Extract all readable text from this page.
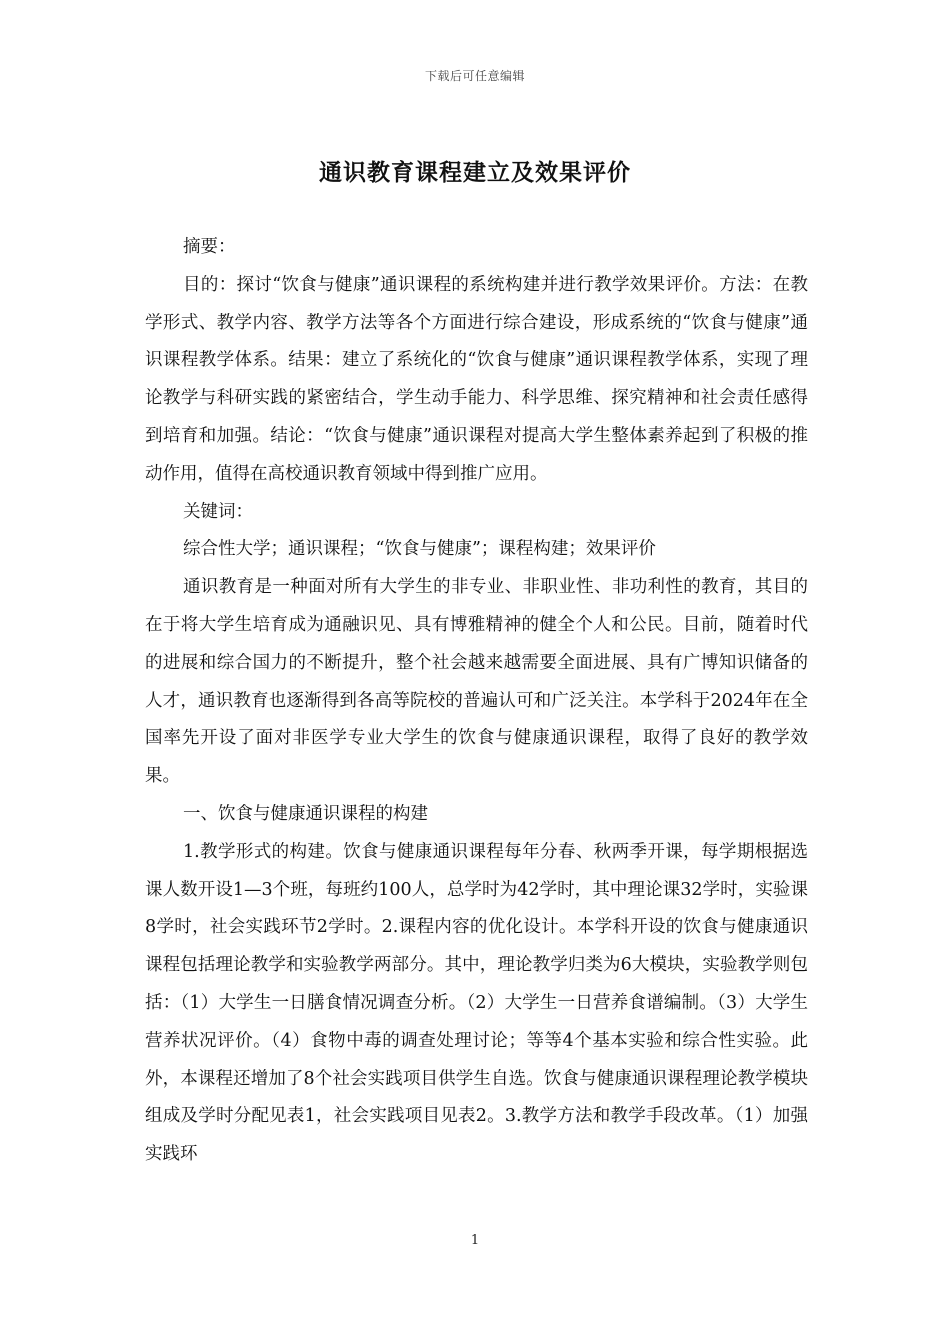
下载后可任意编辑
通识教育课程建立及效果评价

摘要：

目的：探讨“饮食与健康”通识课程的系统构建并进行教学效果评价。方法：在教学形式、教学内容、教学方法等各个方面进行综合建设，形成系统的“饮食与健康”通识课程教学体系。结果：建立了系统化的“饮食与健康”通识课程教学体系，实现了理论教学与科研实践的紧密结合，学生动手能力、科学思维、探究精神和社会责任感得到培育和加强。结论：“饮食与健康”通识课程对提高大学生整体素养起到了积极的推动作用，值得在高校通识教育领域中得到推广应用。

关键词：

综合性大学；通识课程；“饮食与健康”；课程构建；效果评价

通识教育是一种面对所有大学生的非专业、非职业性、非功利性的教育，其目的在于将大学生培育成为通融识见、具有博雅精神的健全个人和公民。目前，随着时代的进展和综合国力的不断提升，整个社会越来越需要全面进展、具有广博知识储备的人才，通识教育也逐渐得到各高等院校的普遍认可和广泛关注。本学科于2024年在全国率先开设了面对非医学专业大学生的饮食与健康通识课程，取得了良好的教学效果。

一、饮食与健康通识课程的构建

1.教学形式的构建。饮食与健康通识课程每年分春、秋两季开课，每学期根据选课人数开设1—3个班，每班约100人，总学时为42学时，其中理论课32学时，实验课8学时，社会实践环节2学时。2.课程内容的优化设计。本学科开设的饮食与健康通识课程包括理论教学和实验教学两部分。其中，理论教学归类为6大模块，实验教学则包括：（1）大学生一日膳食情况调查分析。（2）大学生一日营养食谱编制。（3）大学生营养状况评价。（4）食物中毒的调查处理讨论；等等4个基本实验和综合性实验。此外，本课程还增加了8个社会实践项目供学生自选。饮食与健康通识课程理论教学模块组成及学时分配见表1，社会实践项目见表2。3.教学方法和教学手段改革。（1）加强实践环

1
